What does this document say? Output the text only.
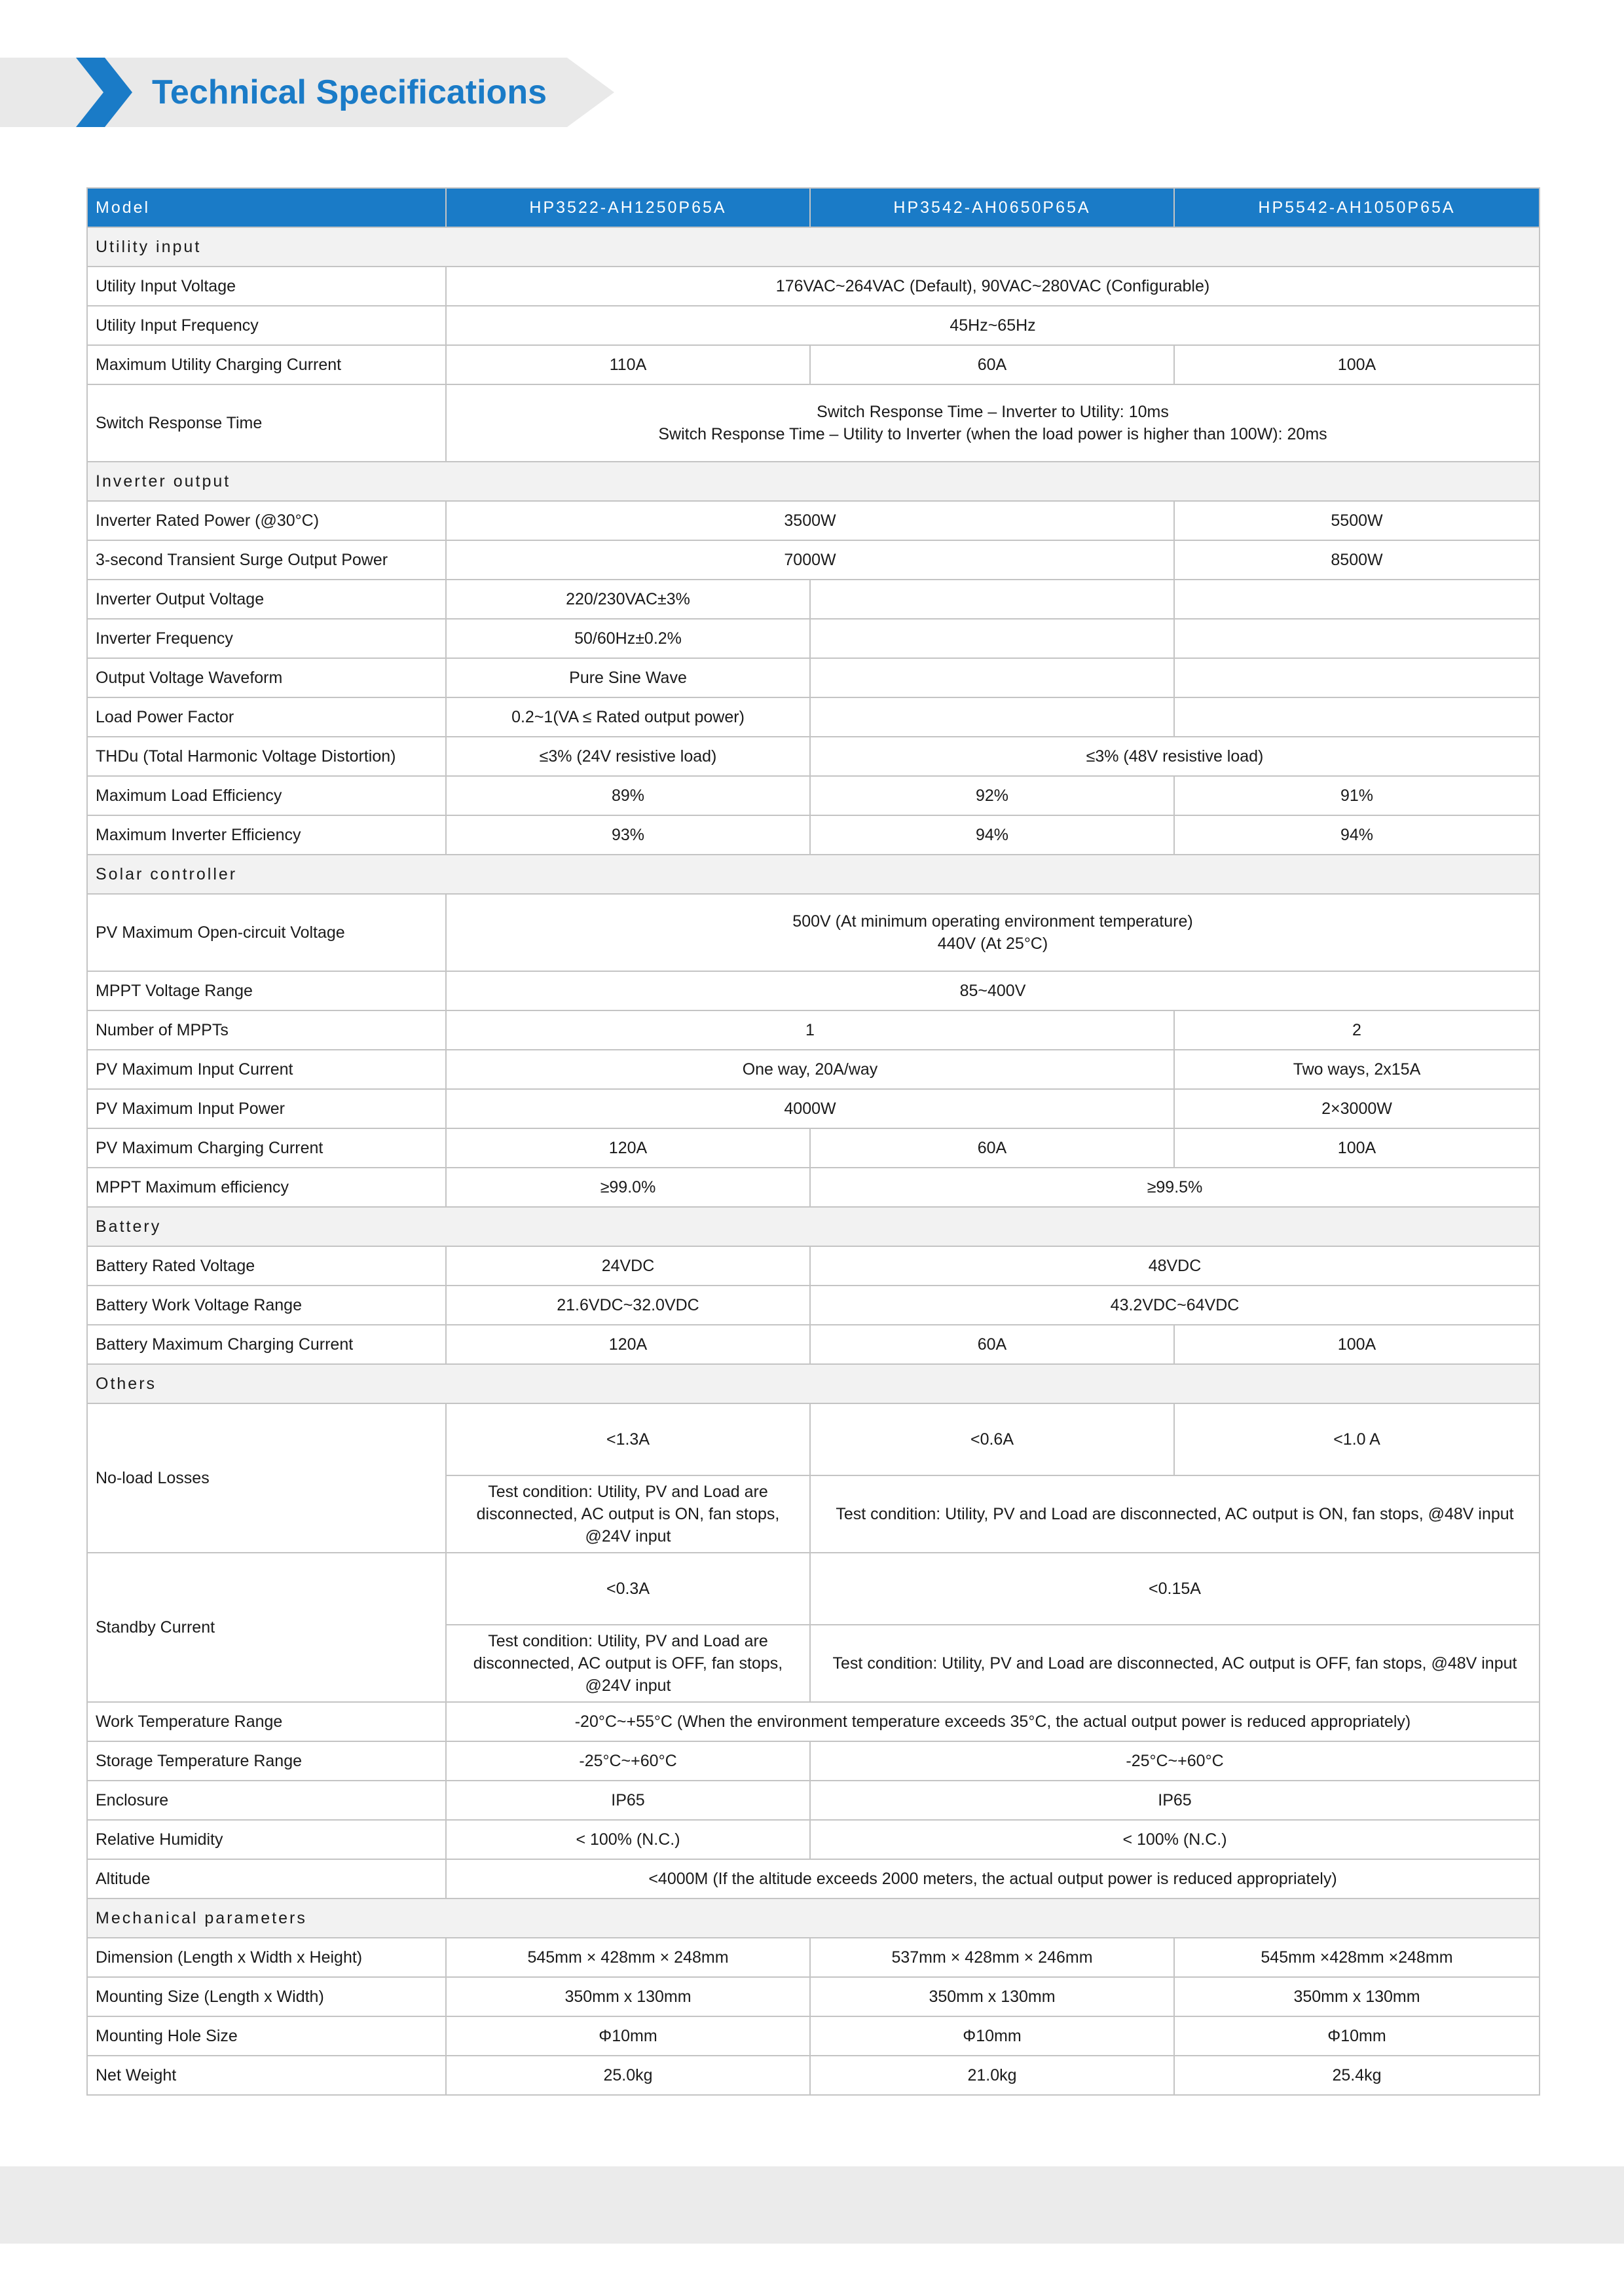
Technical Specifications
Model	HP3522-AH1250P65A	HP3542-AH0650P65A	HP5542-AH1050P65A
Utility input			
Utility Input Voltage	176VAC~264VAC (Default), 90VAC~280VAC (Configurable)		
Utility Input Frequency	45Hz~65Hz		
Maximum Utility Charging Current	110A	60A	100A
Switch Response Time	Switch Response Time – Inverter to Utility: 10ms
Switch Response Time – Utility to Inverter (when the load power is higher than 100W): 20ms		

Inverter output			
Inverter Rated Power (@30°C)	3500W		5500W
3-second Transient Surge Output Power	7000W		8500W
Inverter Output Voltage	220/230VAC±3%		
Inverter Frequency	50/60Hz±0.2%		
Output Voltage Waveform	Pure Sine Wave		
Load Power Factor	0.2~1(VA ≤ Rated output power)		
THDu (Total Harmonic Voltage Distortion)	≤3% (24V resistive load)	≤3% (48V resistive load)	
Maximum Load Efficiency	89%	92%	91%
Maximum Inverter Efficiency	93%	94%	94%
Solar controller			
PV Maximum Open-circuit Voltage	500V (At minimum operating environment temperature)
440V (At 25°C)		

MPPT Voltage Range	85~400V		
Number of MPPTs	1		2
PV Maximum Input Current	One way, 20A/way		Two ways, 2x15A
PV Maximum Input Power	4000W		2×3000W
PV Maximum Charging Current	120A	60A	100A
MPPT Maximum efficiency	≥99.0%	≥99.5%	
Battery			
Battery Rated Voltage	24VDC	48VDC	
Battery Work Voltage Range	21.6VDC~32.0VDC	43.2VDC~64VDC	
Battery Maximum Charging Current	120A	60A	100A
Others			
No-load Losses	<1.3A	<0.6A	<1.0 A
	Test condition: Utility, PV and Load are disconnected, AC output is ON, fan stops, @24V input	Test condition: Utility, PV and Load are disconnected, AC output is ON, fan stops, @48V input	
Standby Current	<0.3A	<0.15A	
	Test condition: Utility, PV and Load are disconnected, AC output is OFF, fan stops, @24V input	Test condition: Utility, PV and Load are disconnected, AC output is OFF, fan stops, @48V input	
Work Temperature Range	-20°C~+55°C (When the environment temperature exceeds 35°C, the actual output power is reduced appropriately)		
Storage Temperature Range	-25°C~+60°C	-25°C~+60°C	
Enclosure	IP65	IP65	
Relative Humidity	< 100% (N.C.)	< 100% (N.C.)	
Altitude	<4000M (If the altitude exceeds 2000 meters, the actual output power is reduced appropriately)		
Mechanical parameters			
Dimension (Length x Width x Height)	545mm × 428mm × 248mm	537mm × 428mm × 246mm	545mm ×428mm ×248mm
Mounting Size (Length x Width)	350mm x 130mm	350mm x 130mm	350mm x 130mm
Mounting Hole Size	Φ10mm	Φ10mm	Φ10mm
Net Weight	25.0kg	21.0kg	25.4kg
